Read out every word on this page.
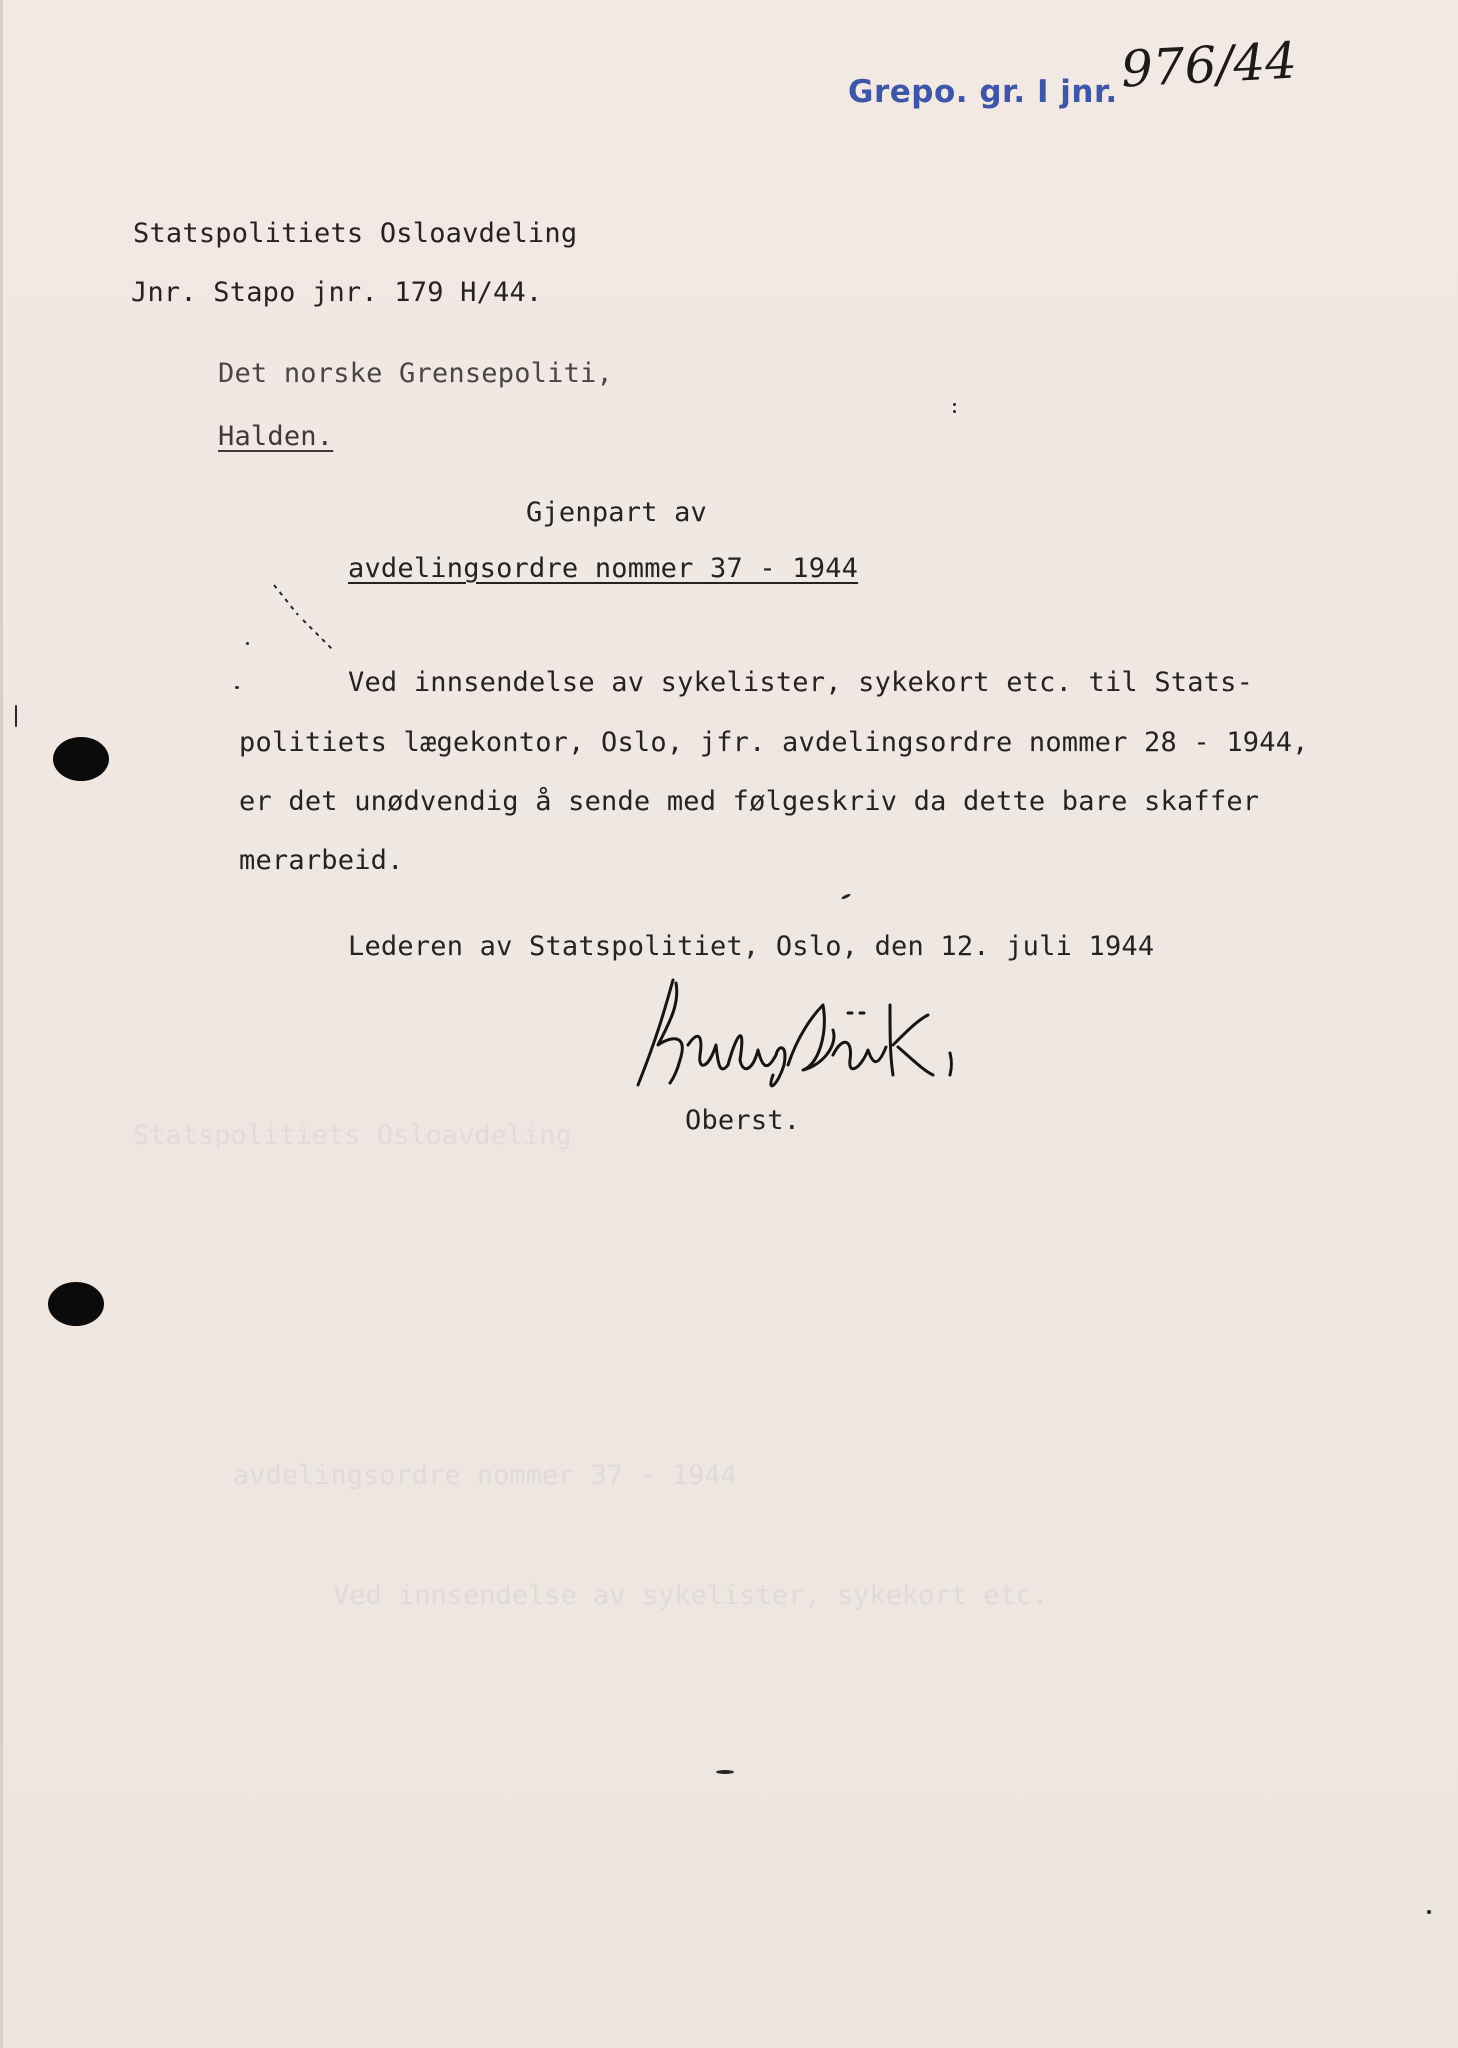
Statspolitiets Osloavdeling
avdelingsordre nommer 37 - 1944
Ved innsendelse av sykelister, sykekort etc.
Grepo. gr. I jnr. 976/44
Statspolitiets Osloavdeling
Jnr. Stapo jnr. 179 H/44.
Det norske Grensepoliti,
Halden.
Gjenpart av
avdelingsordre nommer 37 - 1944
Ved innsendelse av sykelister, sykekort etc. til Stats-
politiets lægekontor, Oslo, jfr. avdelingsordre nommer 28 - 1944,
er det unødvendig å sende med følgeskriv da dette bare skaffer
merarbeid.
Lederen av Statspolitiet, Oslo, den 12. juli 1944
Oberst.
